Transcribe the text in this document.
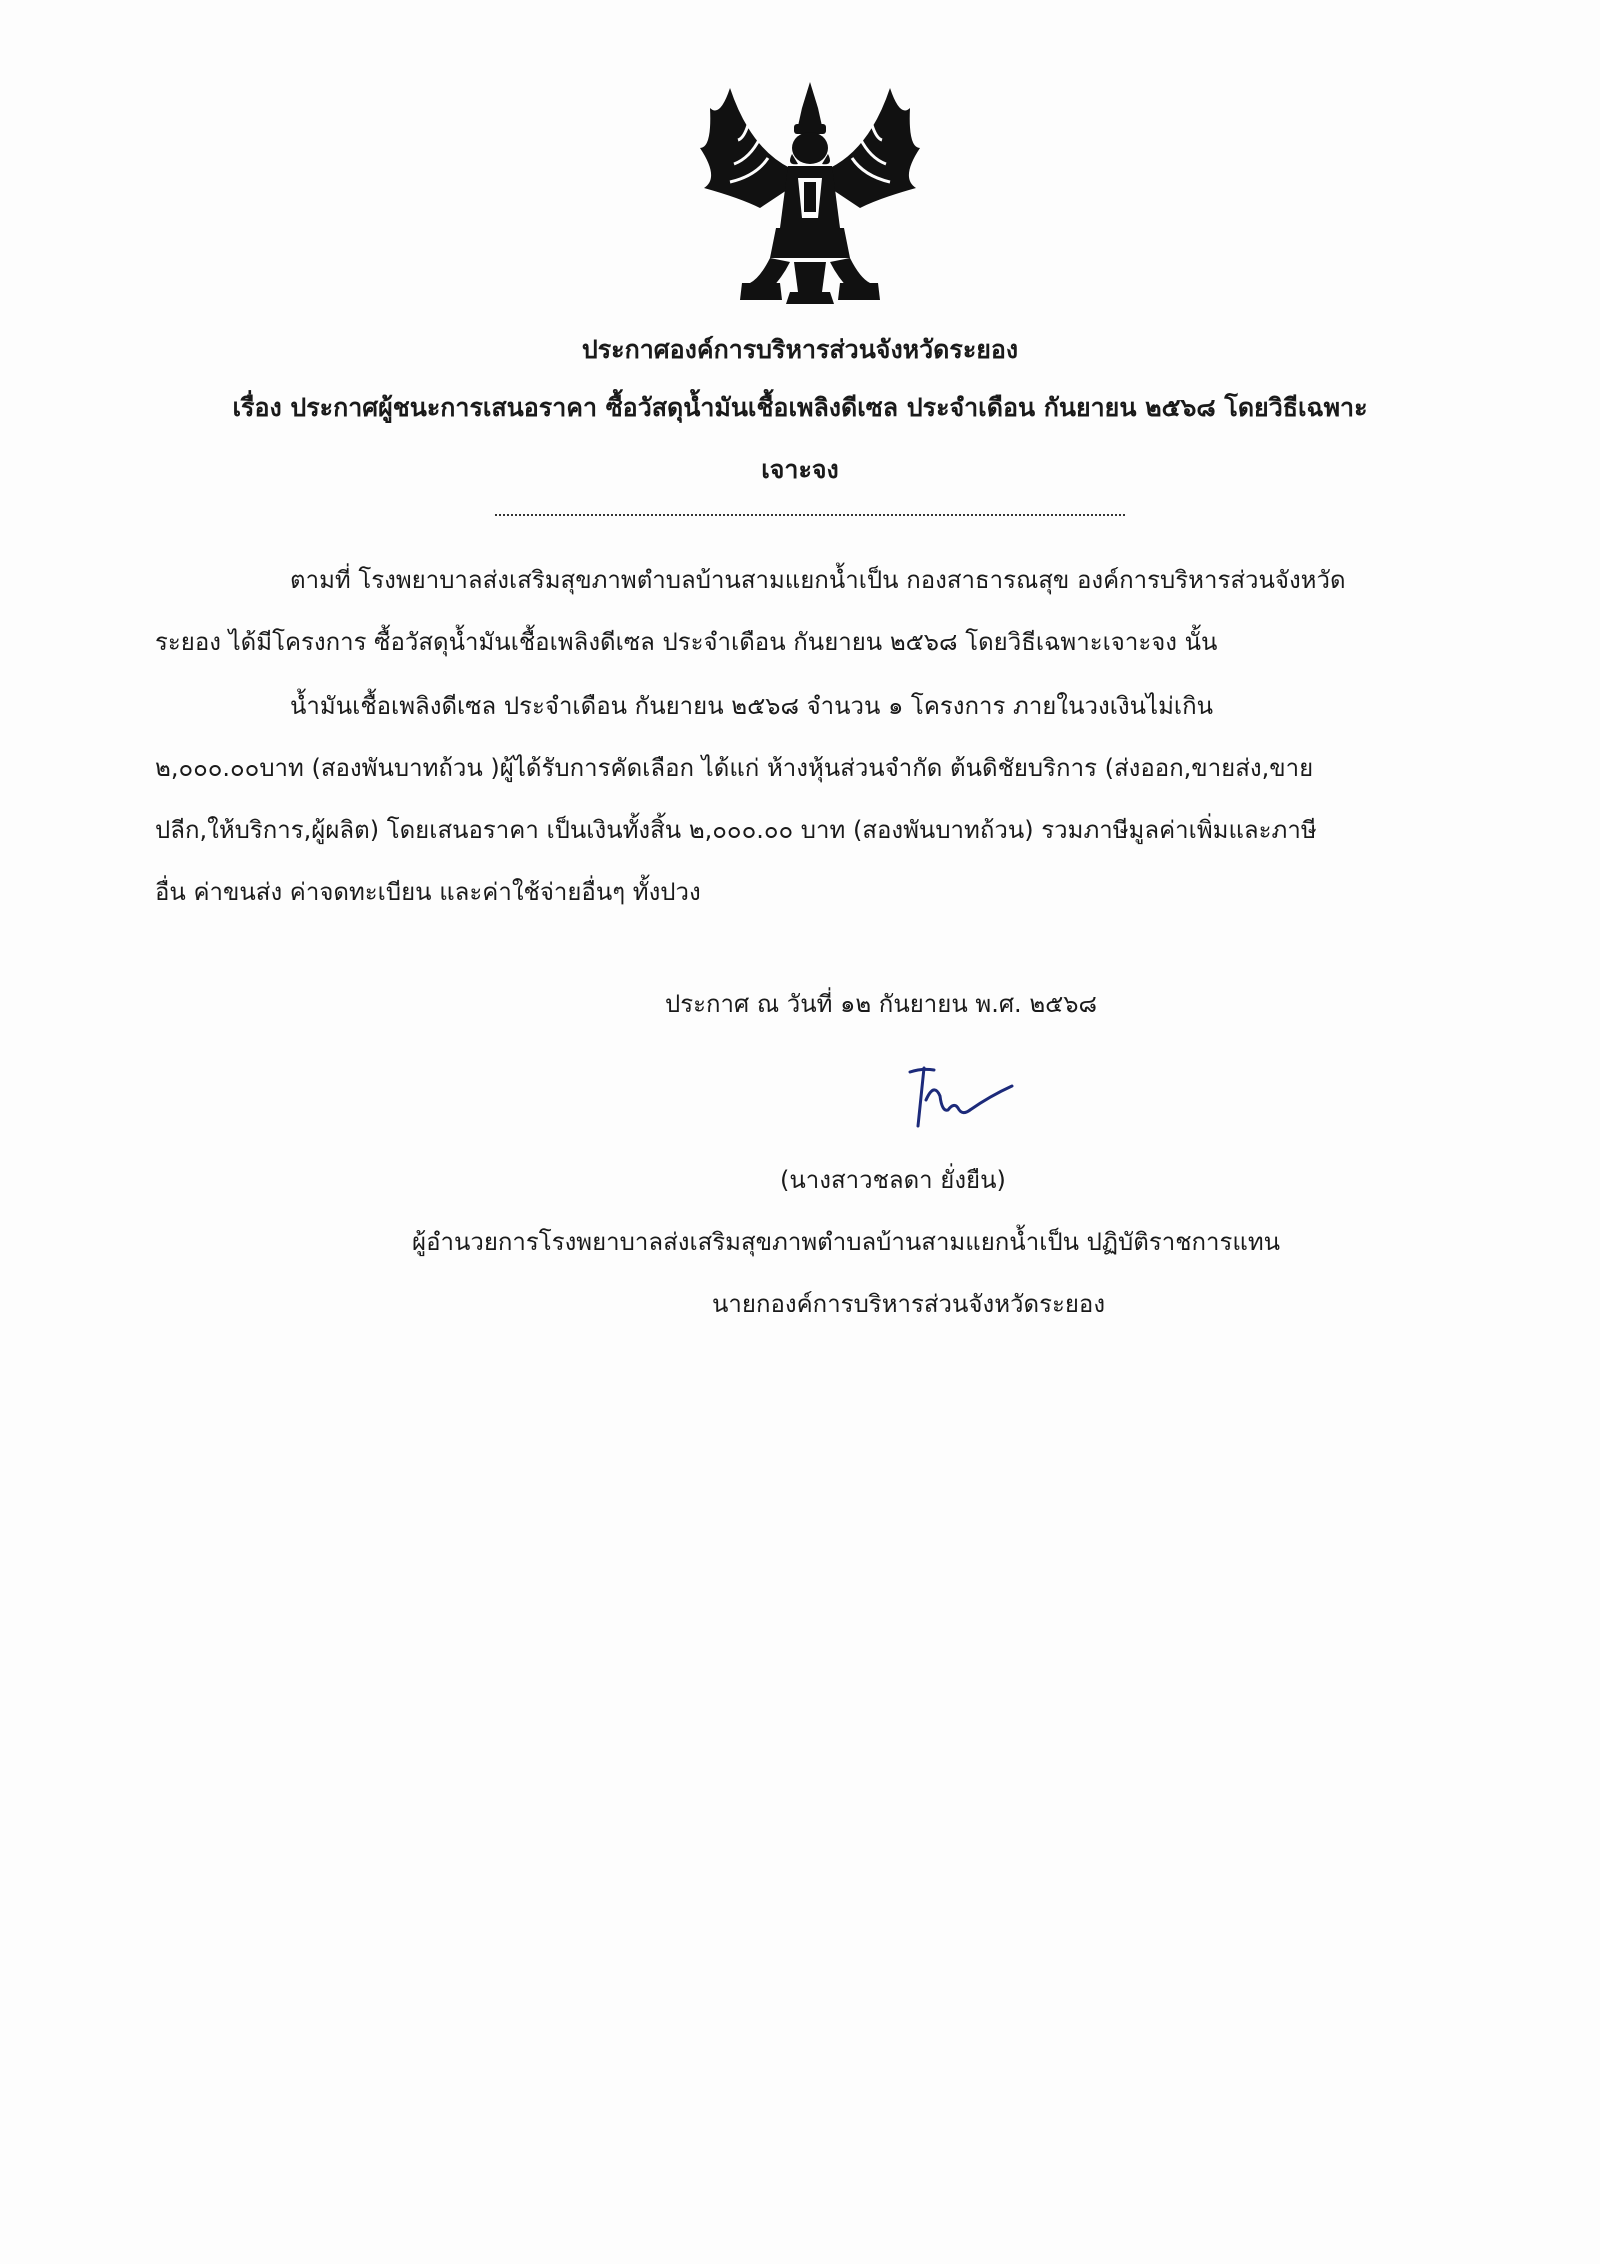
ประกาศองค์การบริหารส่วนจังหวัดระยอง
เรื่อง ประกาศผู้ชนะการเสนอราคา ซื้อวัสดุน้ำมันเชื้อเพลิงดีเซล ประจำเดือน กันยายน ๒๕๖๘ โดยวิธีเฉพาะ
เจาะจง
ตามที่ โรงพยาบาลส่งเสริมสุขภาพตำบลบ้านสามแยกน้ำเป็น กองสาธารณสุข องค์การบริหารส่วนจังหวัด
ระยอง ได้มีโครงการ ซื้อวัสดุน้ำมันเชื้อเพลิงดีเซล ประจำเดือน กันยายน ๒๕๖๘ โดยวิธีเฉพาะเจาะจง นั้น
น้ำมันเชื้อเพลิงดีเซล ประจำเดือน กันยายน ๒๕๖๘ จำนวน ๑ โครงการ ภายในวงเงินไม่เกิน
๒,๐๐๐.๐๐บาท (สองพันบาทถ้วน )ผู้ได้รับการคัดเลือก ได้แก่ ห้างหุ้นส่วนจำกัด ต้นดิชัยบริการ (ส่งออก,ขายส่ง,ขาย
ปลีก,ให้บริการ,ผู้ผลิต) โดยเสนอราคา เป็นเงินทั้งสิ้น ๒,๐๐๐.๐๐ บาท (สองพันบาทถ้วน) รวมภาษีมูลค่าเพิ่มและภาษี
อื่น ค่าขนส่ง ค่าจดทะเบียน และค่าใช้จ่ายอื่นๆ ทั้งปวง
ประกาศ ณ วันที่ ๑๒ กันยายน พ.ศ. ๒๕๖๘
(นางสาวชลดา ยั่งยืน)
ผู้อำนวยการโรงพยาบาลส่งเสริมสุขภาพตำบลบ้านสามแยกน้ำเป็น ปฏิบัติราชการแทน
นายกองค์การบริหารส่วนจังหวัดระยอง
